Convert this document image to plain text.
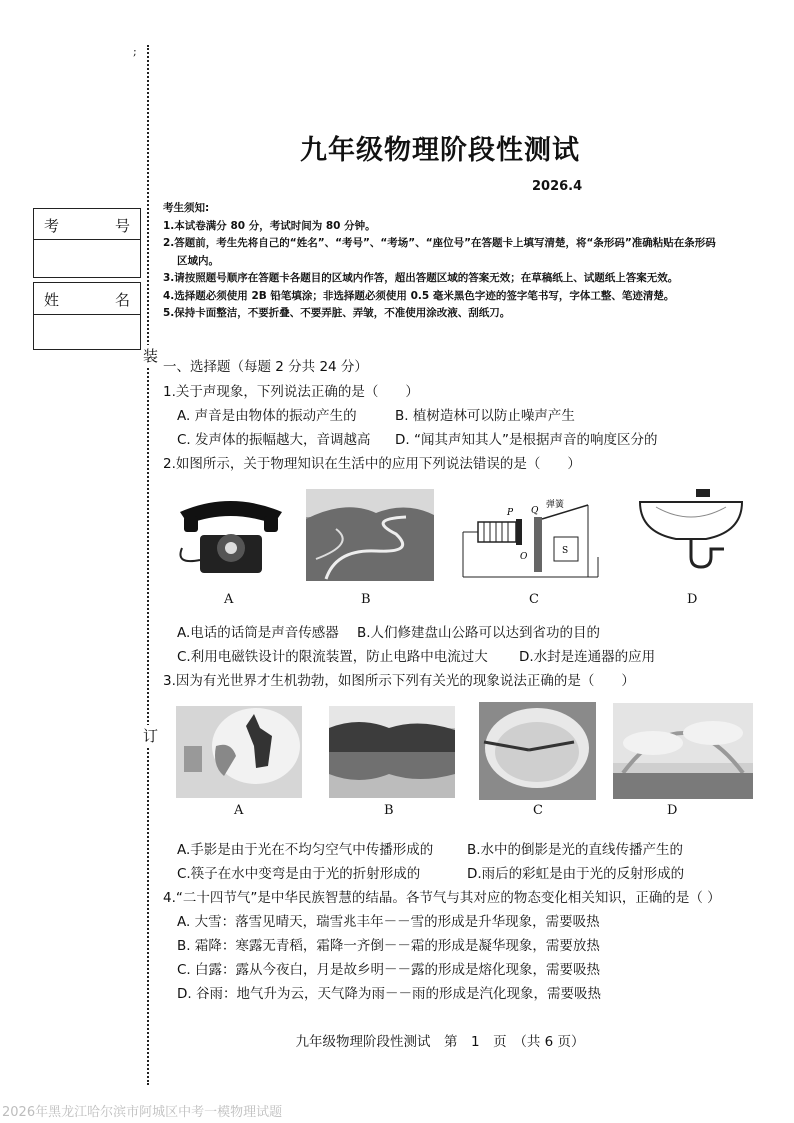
;
考	号
姓	名
装
订
九年级物理阶段性测试
2026.4
考生须知:
1.本试卷满分 80 分，考试时间为 80 分钟。
2.答题前，考生先将自己的“姓名”、“考号”、“考场”、“座位号”在答题卡上填写清楚，将“条形码”准确粘贴在条形码
区域内。
3.请按照题号顺序在答题卡各题目的区域内作答，超出答题区域的答案无效；在草稿纸上、试题纸上答案无效。
4.选择题必须使用 2B 铅笔填涂；非选择题必须使用 0.5 毫米黑色字迹的签字笔书写，字体工整、笔迹清楚。
5.保持卡面整洁，不要折叠、不要弄脏、弄皱，不准使用涂改液、刮纸刀。
一、选择题（每题 2 分共 24 分）
1.关于声现象，下列说法正确的是（　　）
A. 声音是由物体的振动产生的	B. 植树造林可以防止噪声产生
C. 发声体的振幅越大，音调越高 D. “闻其声知其人”是根据声音的响度区分的
2.如图所示，关于物理知识在生活中的应用下列说法错误的是（　　）
P Q
弹簧
O
S
A	B	C	D
A.电话的话筒是声音传感器 B.人们修建盘山公路可以达到省功的目的
C.利用电磁铁设计的限流装置，防止电路中电流过大 D.水封是连通器的应用
3.因为有光世界才生机勃勃，如图所示下列有关光的现象说法正确的是（　　）
A	B	C	D
A.手影是由于光在不均匀空气中传播形成的 B.水中的倒影是光的直线传播产生的
C.筷子在水中变弯是由于光的折射形成的	D.雨后的彩虹是由于光的反射形成的
4.“二十四节气”是中华民族智慧的结晶。各节气与其对应的物态变化相关知识，正确的是（ ）
A. 大雪：落雪见晴天，瑞雪兆丰年－－雪的形成是升华现象，需要吸热
B. 霜降：寒露无青稻，霜降一齐倒－－霜的形成是凝华现象，需要放热
C. 白露：露从今夜白，月是故乡明－－露的形成是熔化现象，需要吸热
D. 谷雨：地气升为云，天气降为雨－－雨的形成是汽化现象，需要吸热
九年级物理阶段性测试　第　1　页　（共 6 页）
2026年黑龙江哈尔滨市阿城区中考一模物理试题
